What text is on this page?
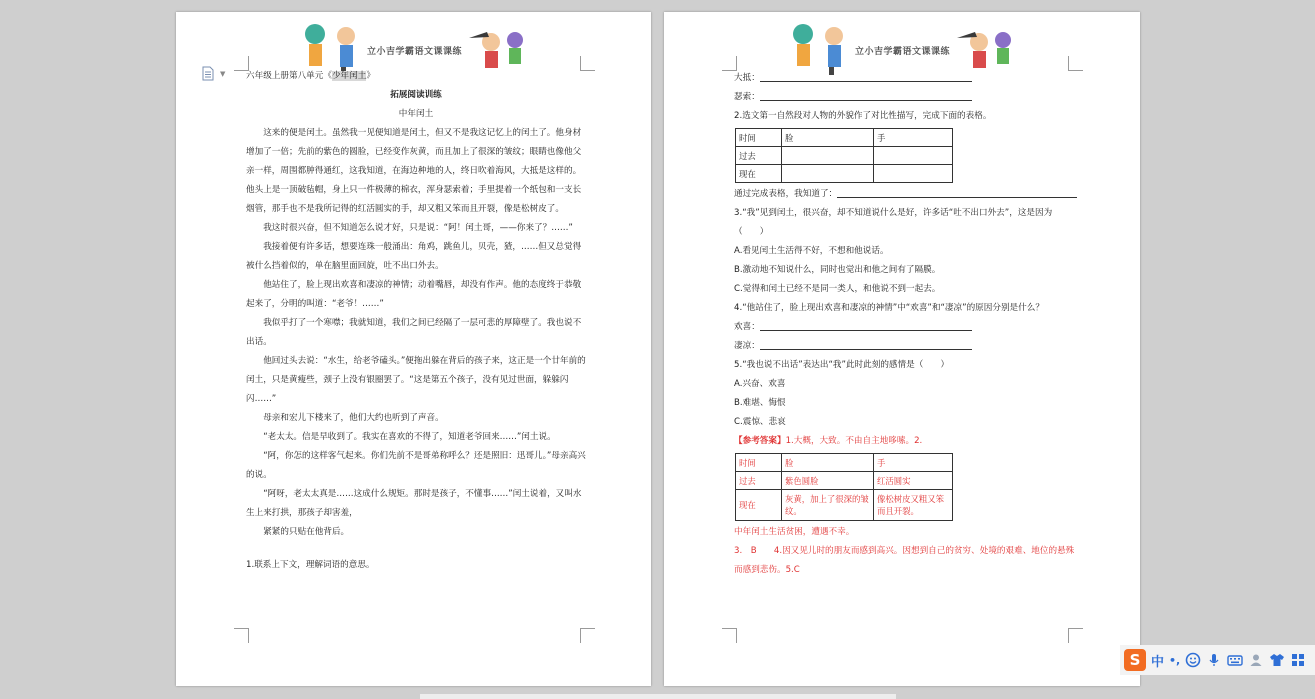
立小吉学霸语文课课练

六年级上册第八单元《少年闰土》

拓展阅读训练

中年闰土

这来的便是闰土。虽然我一见便知道是闰土，但又不是我这记忆上的闰土了。他身材增加了一倍；先前的紫色的圆脸，已经变作灰黄，而且加上了很深的皱纹；眼睛也像他父亲一样，周围都肿得通红，这我知道，在海边种地的人，终日吹着海风，大抵是这样的。他头上是一顶破毡帽，身上只一件极薄的棉衣，浑身瑟索着；手里提着一个纸包和一支长烟管，那手也不是我所记得的红活圆实的手，却又粗又笨而且开裂，像是松树皮了。

我这时很兴奋，但不知道怎么说才好，只是说：“阿！闰土哥，——你来了？……”

我接着便有许多话，想要连珠一般涌出：角鸡，跳鱼儿，贝壳，猹，……但又总觉得被什么挡着似的，单在脑里面回旋，吐不出口外去。

他站住了，脸上现出欢喜和凄凉的神情；动着嘴唇，却没有作声。他的态度终于恭敬起来了，分明的叫道：“老爷！……”

我似乎打了一个寒噤；我就知道，我们之间已经隔了一层可悲的厚障壁了。我也说不出话。

他回过头去说：“水生，给老爷磕头。”便拖出躲在背后的孩子来，这正是一个廿年前的闰土，只是黄瘦些，颈子上没有银圈罢了。“这是第五个孩子，没有见过世面，躲躲闪闪……”

母亲和宏儿下楼来了，他们大约也听到了声音。

“老太太。信是早收到了。我实在喜欢的不得了，知道老爷回来……”闰土说。

“阿，你怎的这样客气起来。你们先前不是哥弟称呼么？还是照旧：迅哥儿。”母亲高兴的说。

“阿呀，老太太真是……这成什么规矩。那时是孩子，不懂事……”闰土说着，又叫水生上来打拱，那孩子却害羞，

紧紧的只贴在他背后。

1.联系上下文，理解词语的意思。

▼
立小吉学霸语文课课练

大抵：

瑟索：

2.选文第一自然段对人物的外貌作了对比性描写，完成下面的表格。

时间	脸	手
过去		
现在		

通过完成表格，我知道了：

3.“我”见到闰土，很兴奋，却不知道说什么是好，许多话“吐不出口外去”，这是因为（　　）

A.看见闰土生活得不好，不想和他说话。

B.激动地不知说什么，同时也觉出和他之间有了隔膜。

C.觉得和闰土已经不是同一类人，和他说不到一起去。

4.“他站住了，脸上现出欢喜和凄凉的神情”中“欢喜”和“凄凉”的原因分别是什么？

欢喜：

凄凉：

5.“我也说不出话”表达出“我”此时此刻的感情是（　　）

A.兴奋、欢喜

B.难堪、悔恨

C.震惊、悲哀

【参考答案】1.大概，大致。不由自主地哆嗦。2.

时间	脸	手
过去	紫色圆脸	红活圆实
现在	灰黄，加上了很深的皱纹。	像松树皮又粗又笨而且开裂。

中年闰土生活贫困，遭遇不幸。

3.　B　　4.因又见儿时的朋友而感到高兴。因想到自己的贫穷、处境的艰难、地位的悬殊而感到悲伤。5.C

S 中 •,
